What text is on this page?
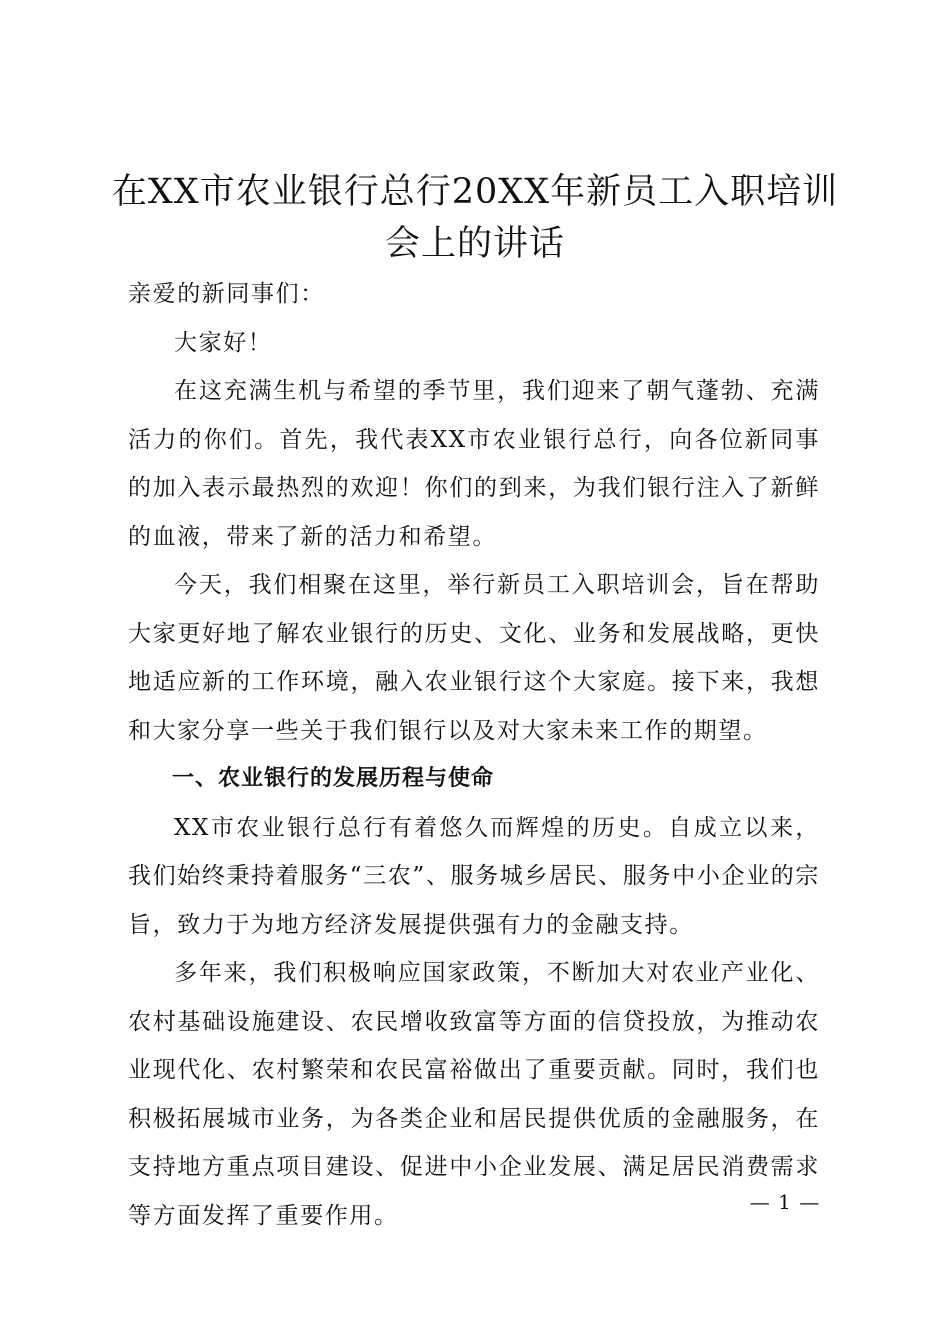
在XX市农业银行总行20XX年新员工入职培训会上的讲话

亲爱的新同事们：

大家好！

在这充满生机与希望的季节里，我们迎来了朝气蓬勃、充满活力的你们。首先，我代表XX市农业银行总行，向各位新同事的加入表示最热烈的欢迎！你们的到来，为我们银行注入了新鲜的血液，带来了新的活力和希望。

今天，我们相聚在这里，举行新员工入职培训会，旨在帮助大家更好地了解农业银行的历史、文化、业务和发展战略，更快地适应新的工作环境，融入农业银行这个大家庭。接下来，我想和大家分享一些关于我们银行以及对大家未来工作的期望。

一、农业银行的发展历程与使命

XX市农业银行总行有着悠久而辉煌的历史。自成立以来，我们始终秉持着服务“三农”、服务城乡居民、服务中小企业的宗旨，致力于为地方经济发展提供强有力的金融支持。

多年来，我们积极响应国家政策，不断加大对农业产业化、农村基础设施建设、农民增收致富等方面的信贷投放，为推动农业现代化、农村繁荣和农民富裕做出了重要贡献。同时，我们也积极拓展城市业务，为各类企业和居民提供优质的金融服务，在支持地方重点项目建设、促进中小企业发展、满足居民消费需求等方面发挥了重要作用。

— 1 —
